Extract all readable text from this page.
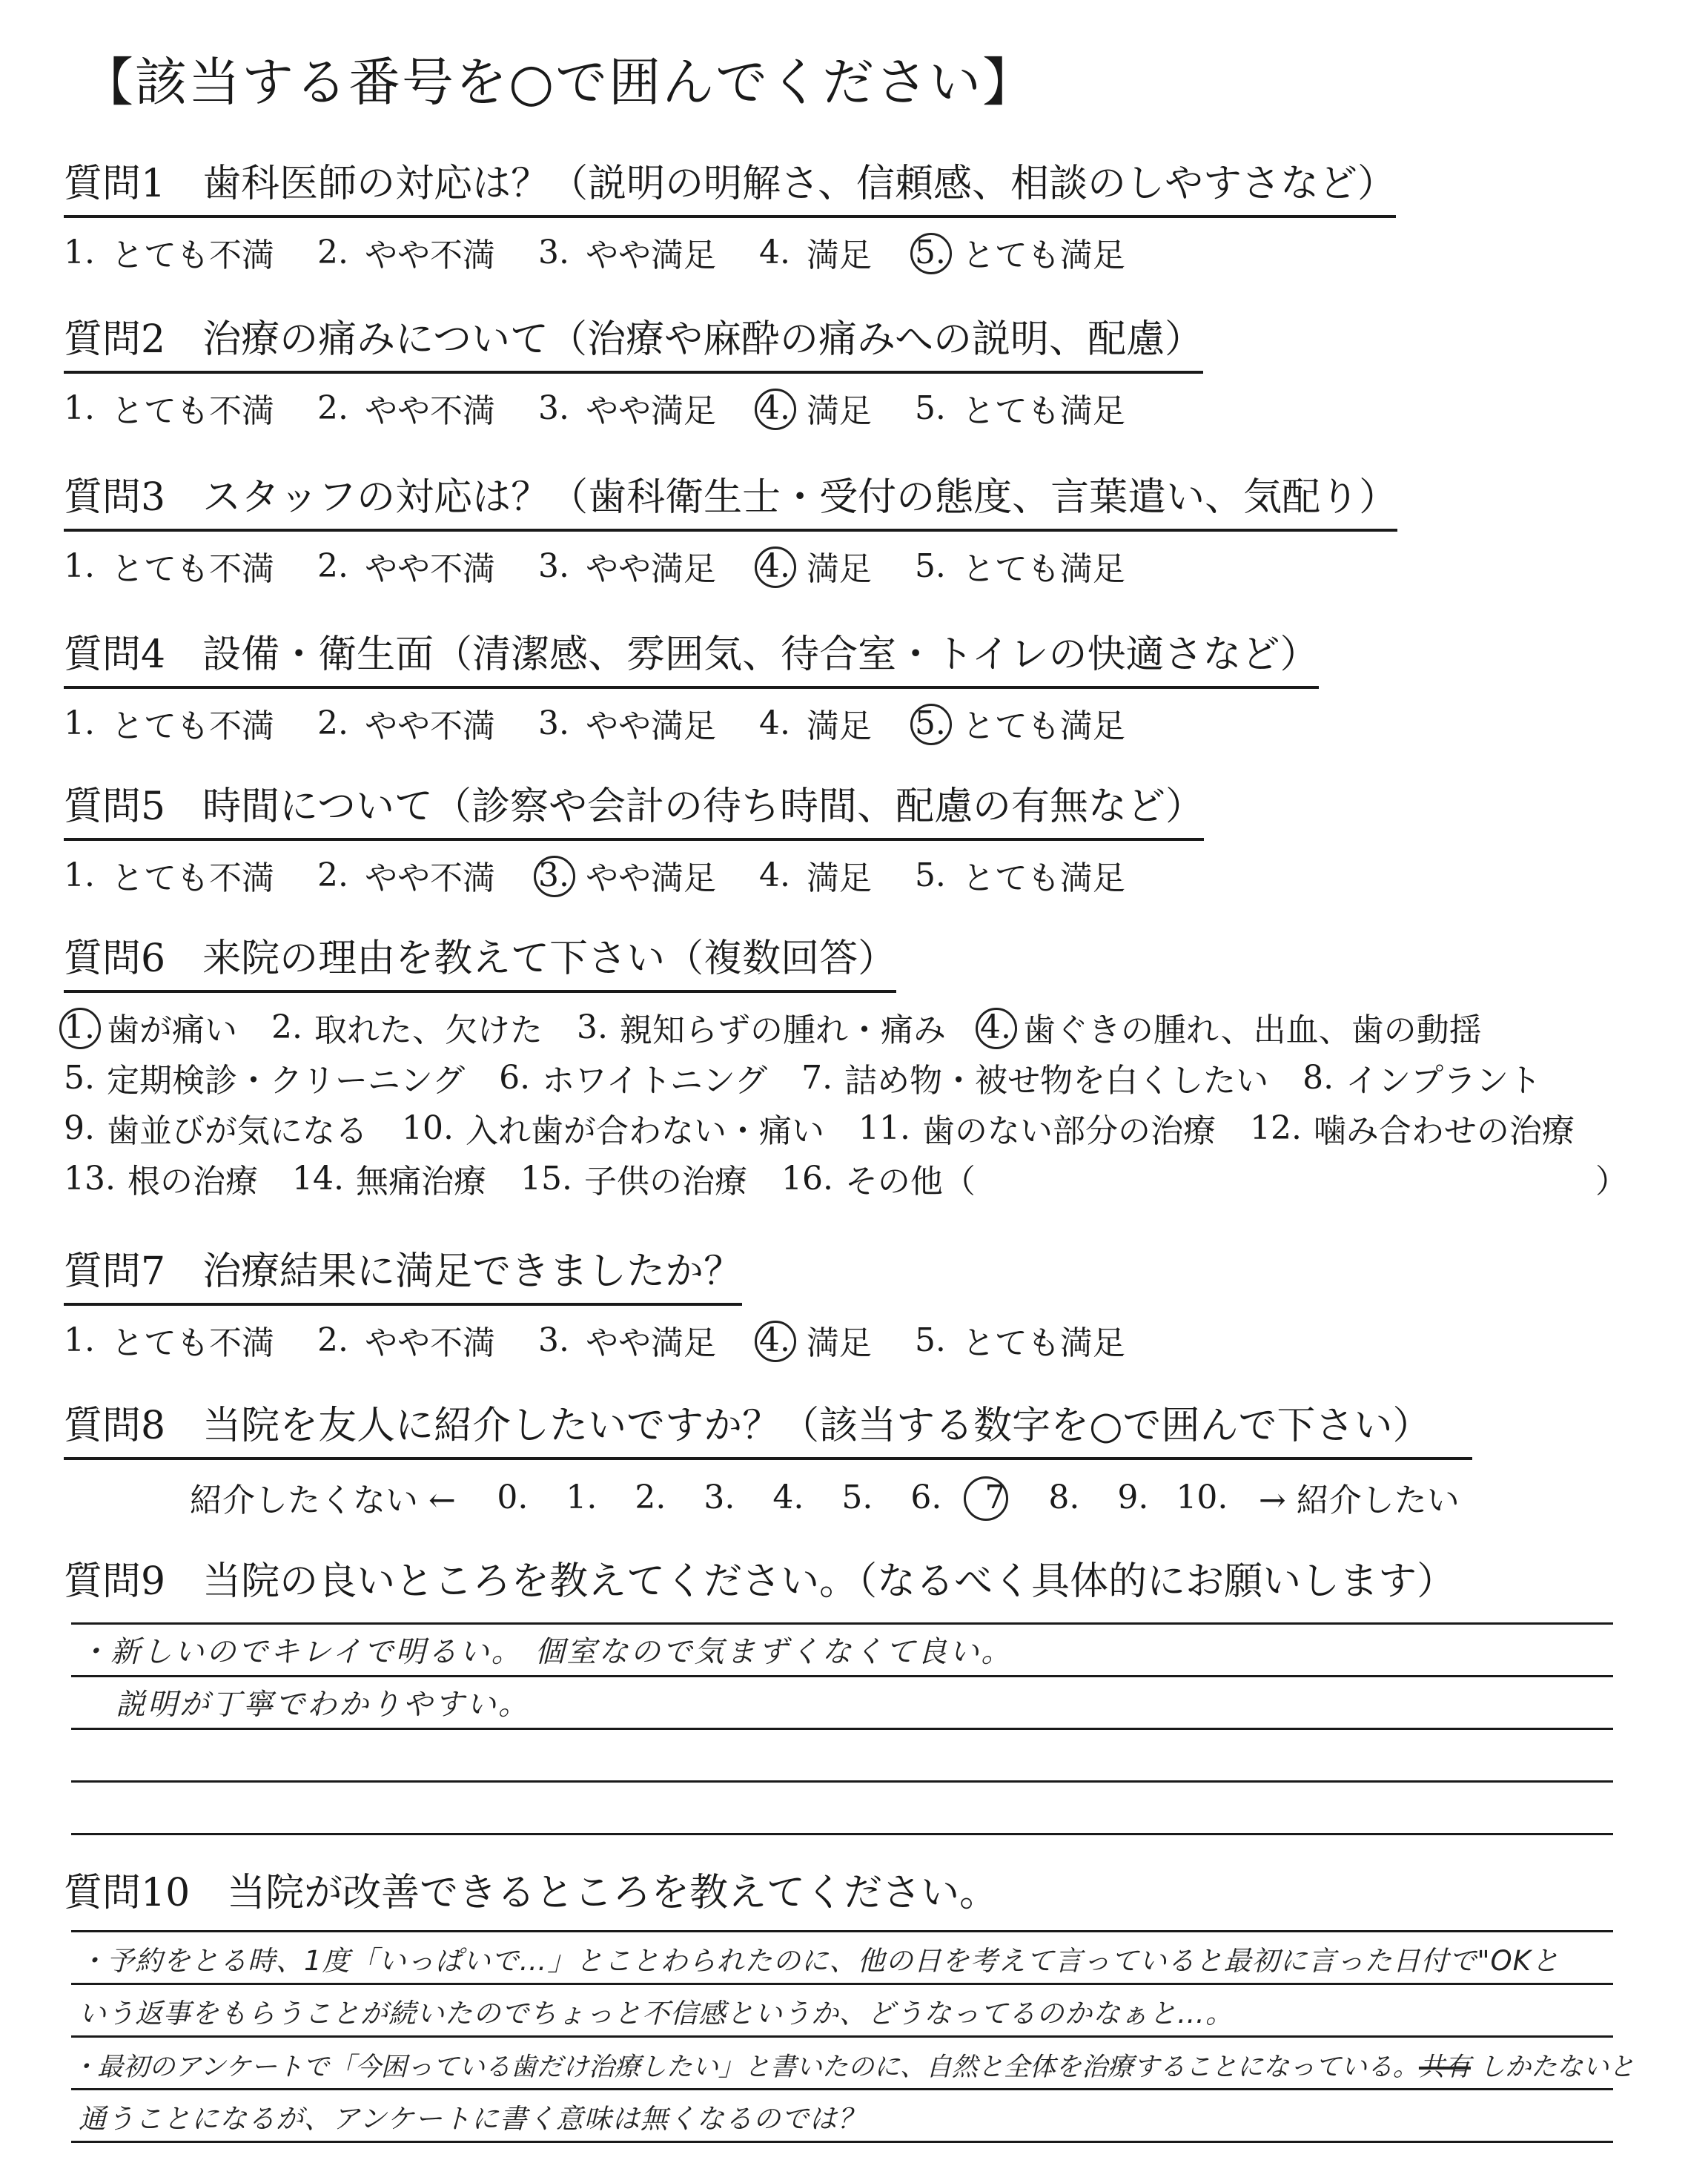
【該当する番号を○で囲んでください】
質問1 歯科医師の対応は？（説明の明解さ、信頼感、相談のしやすさなど）
1. とても不満 2. やや不満 3. やや満足 4. 満足 5. とても満足
質問2 治療の痛みについて（治療や麻酔の痛みへの説明、配慮）
1. とても不満 2. やや不満 3. やや満足 4. 満足 5. とても満足
質問3 スタッフの対応は？（歯科衛生士・受付の態度、言葉遣い、気配り）
1. とても不満 2. やや不満 3. やや満足 4. 満足 5. とても満足
質問4 設備・衛生面（清潔感、雰囲気、待合室・トイレの快適さなど）
1. とても不満 2. やや不満 3. やや満足 4. 満足 5. とても満足
質問5 時間について（診察や会計の待ち時間、配慮の有無など）
1. とても不満 2. やや不満 3. やや満足 4. 満足 5. とても満足
質問6 来院の理由を教えて下さい（複数回答）
1. 歯が痛い 2. 取れた、欠けた 3. 親知らずの腫れ・痛み 4. 歯ぐきの腫れ、出血、歯の動揺
5. 定期検診・クリーニング 6. ホワイトニング 7. 詰め物・被せ物を白くしたい 8. インプラント
9. 歯並びが気になる 10. 入れ歯が合わない・痛い 11. 歯のない部分の治療 12. 噛み合わせの治療
13. 根の治療 14. 無痛治療 15. 子供の治療 16. その他（	）
質問7 治療結果に満足できましたか？
1. とても不満 2. やや不満 3. やや満足 4. 満足 5. とても満足
質問8 当院を友人に紹介したいですか？（該当する数字を○で囲んで下さい）
紹介したくない ←	0. 1. 2. 3. 4. 5. 6. 7 8. 9. 10. → 紹介したい
質問9 当院の良いところを教えてください。（なるべく具体的にお願いします）
・新しいのでキレイで明るい。 個室なので気まずくなくて良い。
説明が丁寧でわかりやすい。
質問10 当院が改善できるところを教えてください。
・予約をとる時、1度「いっぱいで…」とことわられたのに、他の日を考えて言っていると最初に言った日付で"OKと
いう返事をもらうことが続いたのでちょっと不信感というか、どうなってるのかなぁと…。
・最初のアンケートで「今困っている歯だけ治療したい」と書いたのに、自然と全体を治療することになっている。共有 しかたないと
通うことになるが、アンケートに書く意味は無くなるのでは？
